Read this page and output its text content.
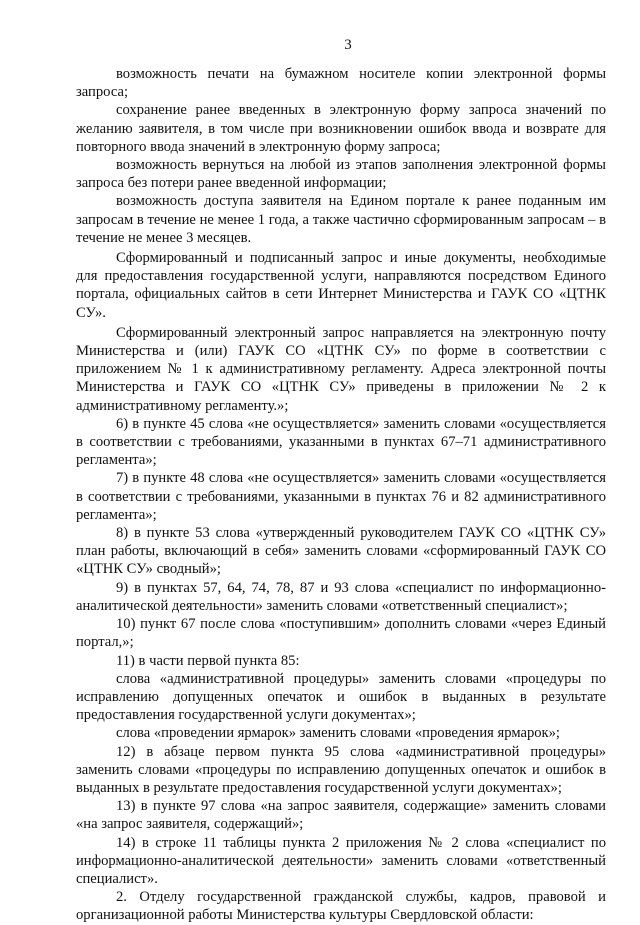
3

возможность печати на бумажном носителе копии электронной формы запроса;

сохранение ранее введенных в электронную форму запроса значений по желанию заявителя, в том числе при возникновении ошибок ввода и возврате для повторного ввода значений в электронную форму запроса;

возможность вернуться на любой из этапов заполнения электронной формы запроса без потери ранее введенной информации;

возможность доступа заявителя на Едином портале к ранее поданным им запросам в течение не менее 1 года, а также частично сформированным запросам – в течение не менее 3 месяцев.

Сформированный и подписанный запрос и иные документы, необходимые для предоставления государственной услуги, направляются посредством Единого портала, официальных сайтов в сети Интернет Министерства и ГАУК СО «ЦТНК СУ».

Сформированный электронный запрос направляется на электронную почту Министерства и (или) ГАУК СО «ЦТНК СУ» по форме в соответствии с приложением № 1 к административному регламенту. Адреса электронной почты Министерства и ГАУК СО «ЦТНК СУ» приведены в приложении № 2 к административному регламенту.»;

6) в пункте 45 слова «не осуществляется» заменить словами «осуществляется в соответствии с требованиями, указанными в пунктах 67–71 административного регламента»;

7) в пункте 48 слова «не осуществляется» заменить словами «осуществляется в соответствии с требованиями, указанными в пунктах 76 и 82 административного регламента»;

8) в пункте 53 слова «утвержденный руководителем ГАУК СО «ЦТНК СУ» план работы, включающий в себя» заменить словами «сформированный ГАУК СО «ЦТНК СУ» сводный»;

9) в пунктах 57, 64, 74, 78, 87 и 93 слова «специалист по информационно-аналитической деятельности» заменить словами «ответственный специалист»;

10) пункт 67 после слова «поступившим» дополнить словами «через Единый портал,»;

11) в части первой пункта 85:

слова «административной процедуры» заменить словами «процедуры по исправлению допущенных опечаток и ошибок в выданных в результате предоставления государственной услуги документах»;

слова «проведении ярмарок» заменить словами «проведения ярмарок»;

12) в абзаце первом пункта 95 слова «административной процедуры» заменить словами «процедуры по исправлению допущенных опечаток и ошибок в выданных в результате предоставления государственной услуги документах»;

13) в пункте 97 слова «на запрос заявителя, содержащие» заменить словами «на запрос заявителя, содержащий»;

14) в строке 11 таблицы пункта 2 приложения № 2 слова «специалист по информационно-аналитической деятельности» заменить словами «ответственный специалист».

2. Отделу государственной гражданской службы, кадров, правовой и организационной работы Министерства культуры Свердловской области:
